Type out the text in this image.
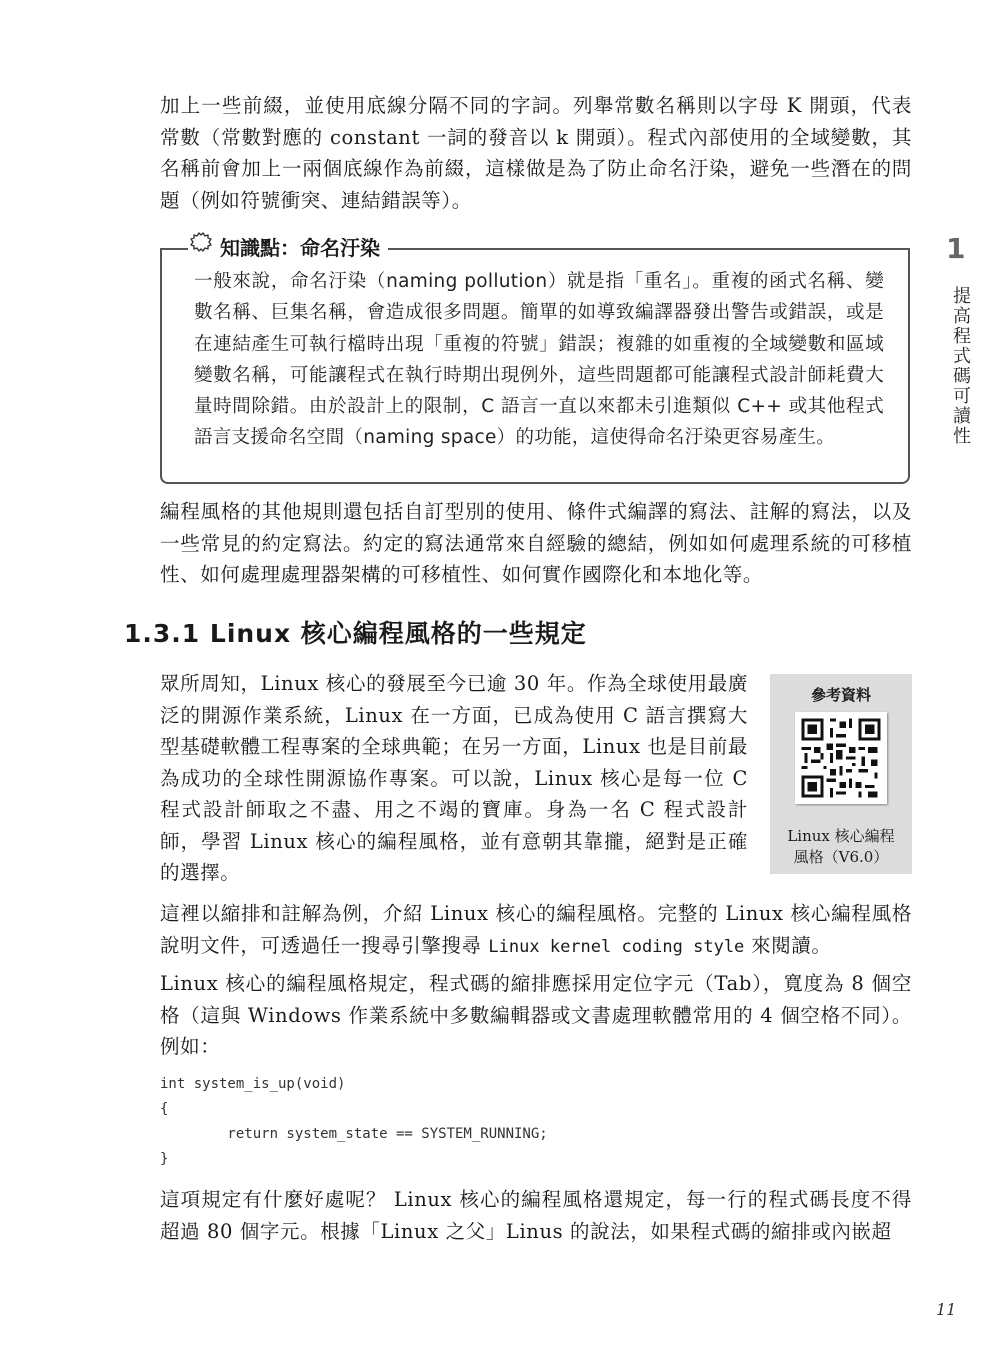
加上一些前綴，並使用底線分隔不同的字詞。列舉常數名稱則以字母 K 開頭，代表常數（常數對應的 constant 一詞的發音以 k 開頭）。程式內部使用的全域變數，其名稱前會加上一兩個底線作為前綴，這樣做是為了防止命名汙染，避免一些潛在的問題（例如符號衝突、連結錯誤等）。

知識點：命名汙染

一般來說，命名汙染（naming pollution）就是指「重名」。重複的函式名稱、變數名稱、巨集名稱，會造成很多問題。簡單的如導致編譯器發出警告或錯誤，或是在連結產生可執行檔時出現「重複的符號」錯誤；複雜的如重複的全域變數和區域變數名稱，可能讓程式在執行時期出現例外，這些問題都可能讓程式設計師耗費大量時間除錯。由於設計上的限制，C 語言一直以來都未引進類似 C++ 或其他程式語言支援命名空間（naming space）的功能，這使得命名汙染更容易產生。

編程風格的其他規則還包括自訂型別的使用、條件式編譯的寫法、註解的寫法，以及一些常見的約定寫法。約定的寫法通常來自經驗的總結，例如如何處理系統的可移植性、如何處理處理器架構的可移植性、如何實作國際化和本地化等。

1.3.1 Linux 核心編程風格的一些規定

眾所周知，Linux 核心的發展至今已逾 30 年。作為全球使用最廣泛的開源作業系統，Linux 在一方面，已成為使用 C 語言撰寫大型基礎軟體工程專案的全球典範；在另一方面，Linux 也是目前最為成功的全球性開源協作專案。可以說，Linux 核心是每一位 C 程式設計師取之不盡、用之不竭的寶庫。身為一名 C 程式設計師，學習 Linux 核心的編程風格，並有意朝其靠攏，絕對是正確的選擇。

參考資料
Linux 核心編程
風格（V6.0）

這裡以縮排和註解為例，介紹 Linux 核心的編程風格。完整的 Linux 核心編程風格說明文件，可透過任一搜尋引擎搜尋 Linux kernel coding style 來閱讀。

Linux 核心的編程風格規定，程式碼的縮排應採用定位字元（Tab），寬度為 8 個空格（這與 Windows 作業系統中多數編輯器或文書處理軟體常用的 4 個空格不同）。例如：

int system_is_up(void)
{
return system_state == SYSTEM_RUNNING;
}

這項規定有什麼好處呢？ Linux 核心的編程風格還規定，每一行的程式碼長度不得超過 80 個字元。根據「Linux 之父」Linus 的說法，如果程式碼的縮排或內嵌超

1
提高程式碼可讀性
11
